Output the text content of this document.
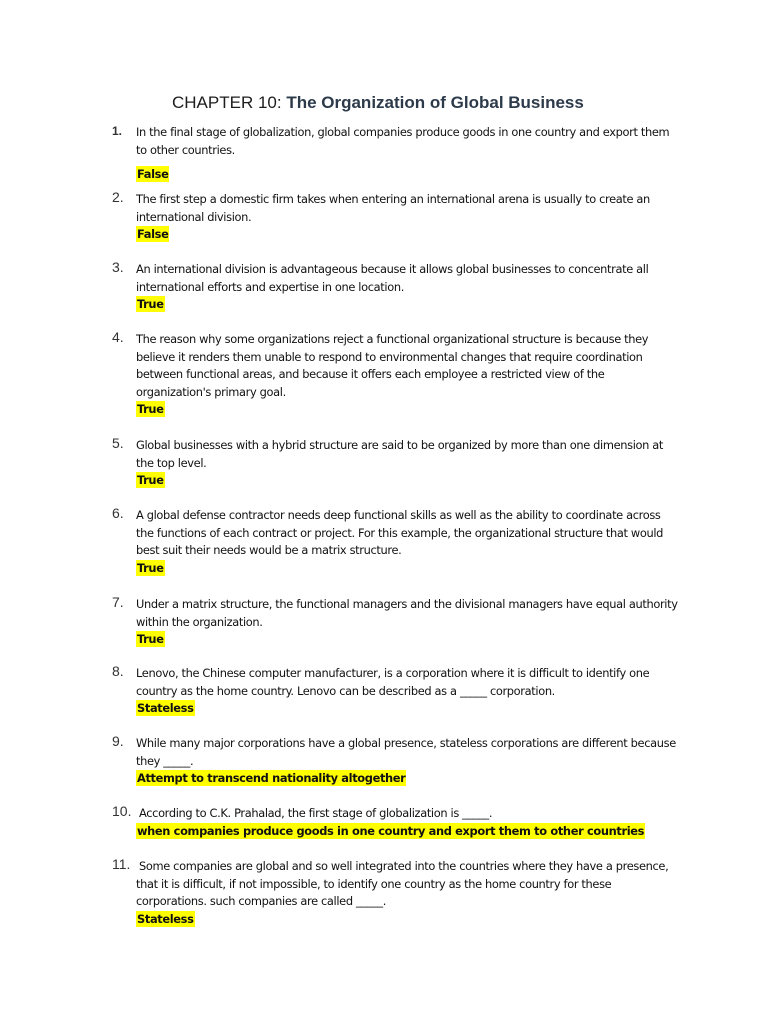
CHAPTER 10: The Organization of Global Business
1. In the final stage of globalization, global companies produce goods in one country and export them to other countries.
False
2. The first step a domestic firm takes when entering an international arena is usually to create an international division.
False
3. An international division is advantageous because it allows global businesses to concentrate all international efforts and expertise in one location.
True
4. The reason why some organizations reject a functional organizational structure is because they believe it renders them unable to respond to environmental changes that require coordination between functional areas, and because it offers each employee a restricted view of the organization's primary goal.
True
5. Global businesses with a hybrid structure are said to be organized by more than one dimension at the top level.
True
6. A global defense contractor needs deep functional skills as well as the ability to coordinate across the functions of each contract or project. For this example, the organizational structure that would best suit their needs would be a matrix structure.
True
7. Under a matrix structure, the functional managers and the divisional managers have equal authority within the organization.
True
8. Lenovo, the Chinese computer manufacturer, is a corporation where it is difficult to identify one country as the home country. Lenovo can be described as a _____ corporation.
Stateless
9. While many major corporations have a global presence, stateless corporations are different because they _____.
Attempt to transcend nationality altogether
10. According to C.K. Prahalad, the first stage of globalization is _____.
when companies produce goods in one country and export them to other countries
11. Some companies are global and so well integrated into the countries where they have a presence, that it is difficult, if not impossible, to identify one country as the home country for these corporations. such companies are called _____.
Stateless
